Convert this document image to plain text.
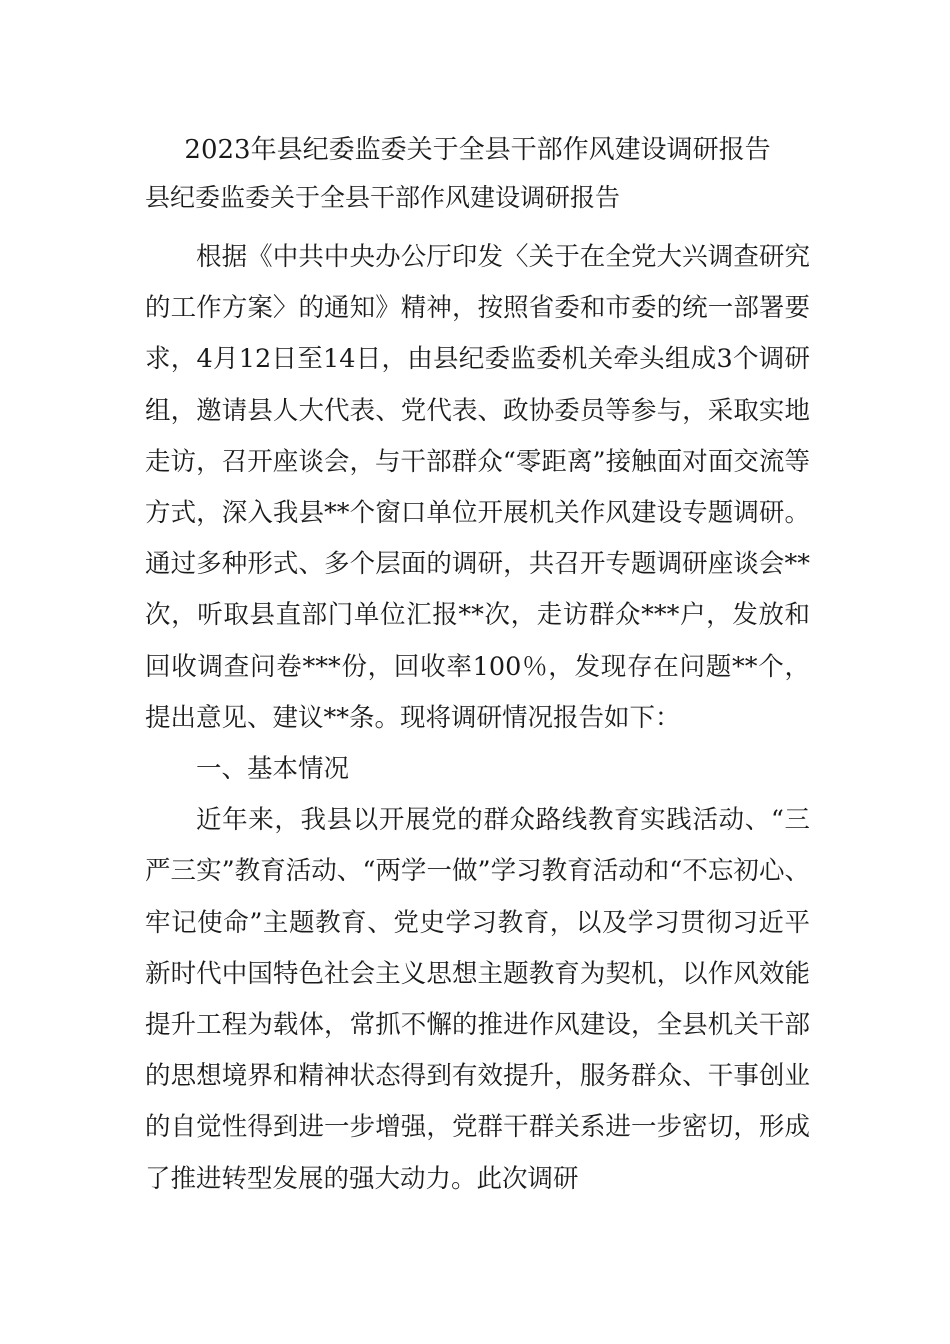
2023年县纪委监委关于全县干部作风建设调研报告
县纪委监委关于全县干部作风建设调研报告

根据《中共中央办公厅印发〈关于在全党大兴调查研究的工作方案〉的通知》精神，按照省委和市委的统一部署要求，4月12日至14日，由县纪委监委机关牵头组成3个调研组，邀请县人大代表、党代表、政协委员等参与，采取实地走访，召开座谈会，与干部群众“零距离”接触面对面交流等方式，深入我县**个窗口单位开展机关作风建设专题调研。通过多种形式、多个层面的调研，共召开专题调研座谈会**次，听取县直部门单位汇报**次，走访群众***户，发放和回收调查问卷***份，回收率100％，发现存在问题**个，提出意见、建议**条。现将调研情况报告如下：

一、基本情况

近年来，我县以开展党的群众路线教育实践活动、“三严三实”教育活动、“两学一做”学习教育活动和“不忘初心、牢记使命”主题教育、党史学习教育，以及学习贯彻习近平新时代中国特色社会主义思想主题教育为契机，以作风效能提升工程为载体，常抓不懈的推进作风建设，全县机关干部的思想境界和精神状态得到有效提升，服务群众、干事创业的自觉性得到进一步增强，党群干群关系进一步密切，形成了推进转型发展的强大动力。此次调研
